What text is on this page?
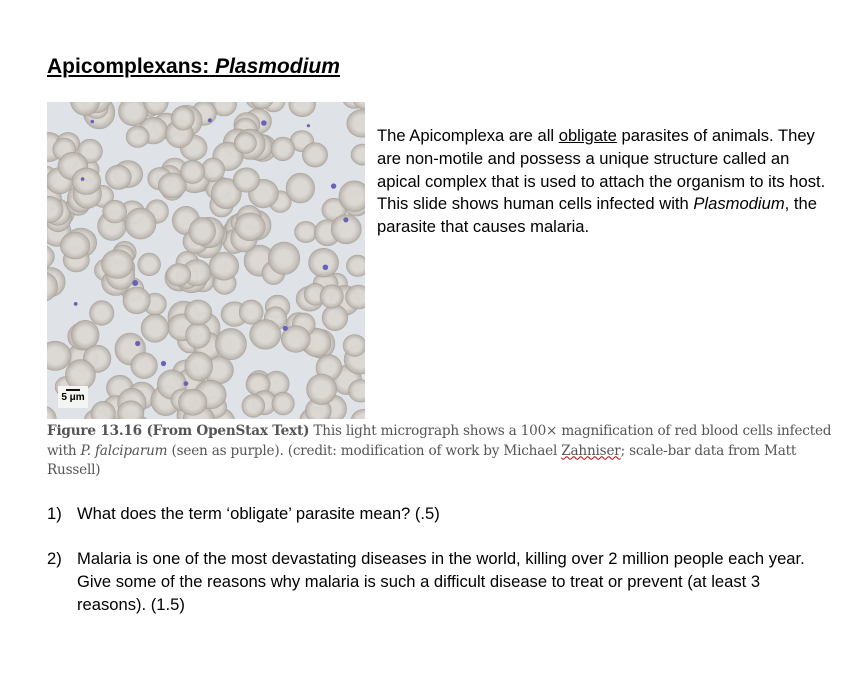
Apicomplexans: Plasmodium
5 μm

The Apicomplexa are all obligate parasites of animals. They are non-motile and possess a unique structure called an apical complex that is used to attach the organism to its host. This slide shows human cells infected with Plasmodium, the parasite that causes malaria.

Figure 13.16 (From OpenStax Text) This light micrograph shows a 100× magnification of red blood cells infected with P. falciparum (seen as purple). (credit: modification of work by Michael Zahniser; scale-bar data from Matt Russell)
1) What does the term ‘obligate’ parasite mean? (.5)
2) Malaria is one of the most devastating diseases in the world, killing over 2 million people each year. Give some of the reasons why malaria is such a difficult disease to treat or prevent (at least 3 reasons). (1.5)
